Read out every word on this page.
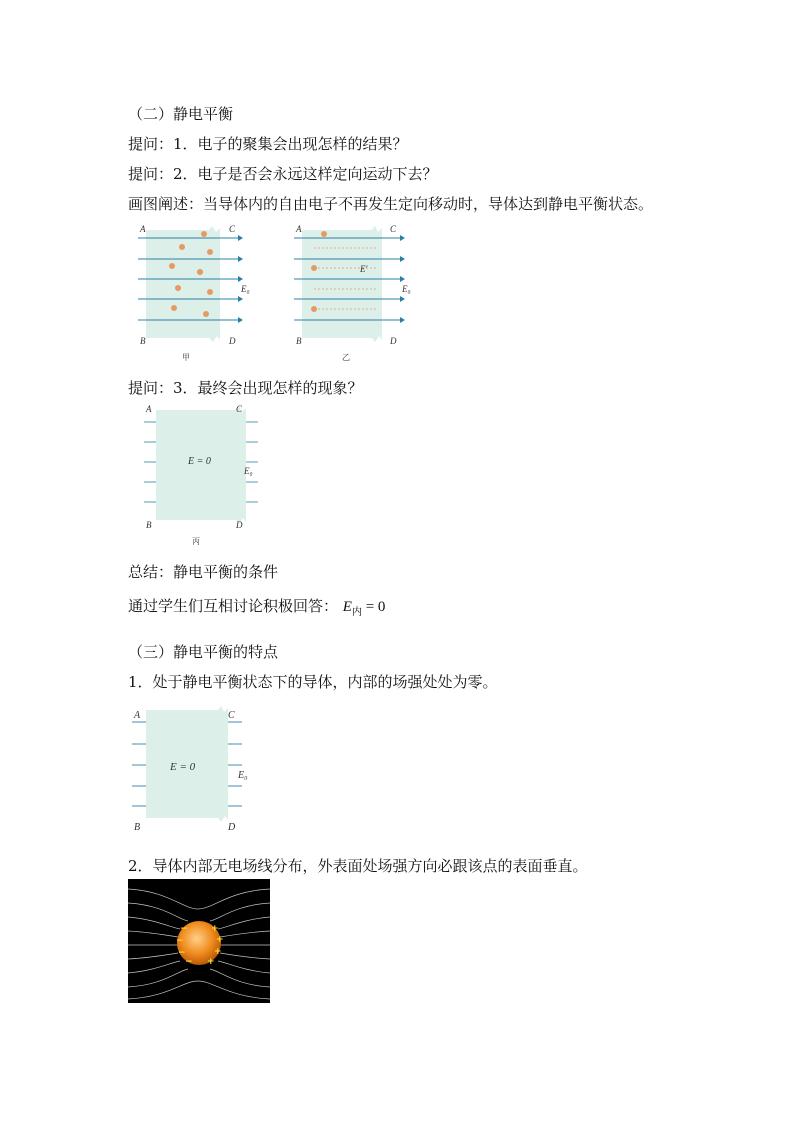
（二）静电平衡
提问：1．电子的聚集会出现怎样的结果？
提问：2．电子是否会永远这样定向运动下去？
画图阐述：当导体内的自由电子不再发生定向移动时，导体达到静电平衡状态。
A	C
E₀
B	D
甲
A	C
E′
E₀
B	D
乙
提问：3．最终会出现怎样的现象？
A	C
E = 0
E₀
B	D
丙
总结：静电平衡的条件
通过学生们互相讨论积极回答： $E_内 = 0$
（三）静电平衡的特点
1．处于静电平衡状态下的导体，内部的场强处处为零。
A	C
E = 0
E₀
B	D
2．导体内部无电场线分布，外表面处场强方向必跟该点的表面垂直。
−
−
−
−
+
+
+
+
